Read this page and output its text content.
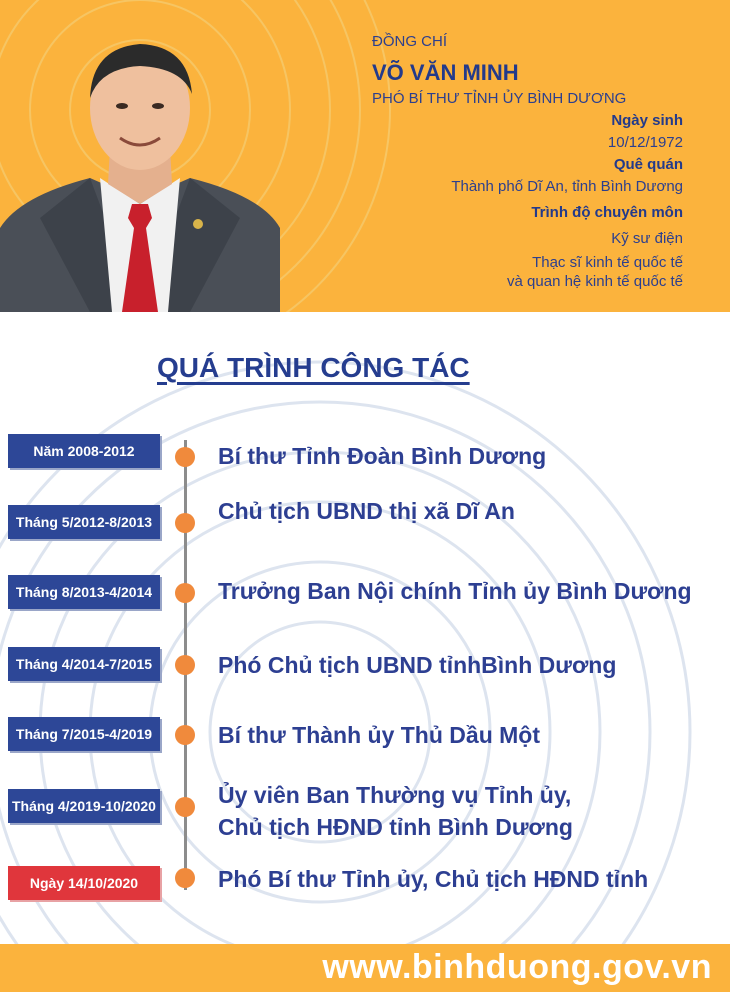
ĐỒNG CHÍ
VÕ VĂN MINH
PHÓ BÍ THƯ TỈNH ỦY BÌNH DƯƠNG
Ngày sinh
10/12/1972
Quê quán
Thành phố Dĩ An, tỉnh Bình Dương
Trình độ chuyên môn
Kỹ sư điện
Thạc sĩ kinh tế quốc tế
và quan hệ kinh tế quốc tế
QUÁ TRÌNH CÔNG TÁC
Năm 2008-2012	Bí thư Tỉnh Đoàn Bình Dương
Tháng 5/2012-8/2013	Chủ tịch UBND thị xã Dĩ An
Tháng 8/2013-4/2014	Trưởng Ban Nội chính Tỉnh ủy Bình Dương
Tháng 4/2014-7/2015	Phó Chủ tịch UBND tỉnhBình Dương
Tháng 7/2015-4/2019	Bí thư Thành ủy Thủ Dầu Một
Tháng 4/2019-10/2020	Ủy viên Ban Thường vụ Tỉnh ủy,
Chủ tịch HĐND tỉnh Bình Dương
Ngày 14/10/2020	Phó Bí thư Tỉnh ủy, Chủ tịch HĐND tỉnh
www.binhduong.gov.vn
